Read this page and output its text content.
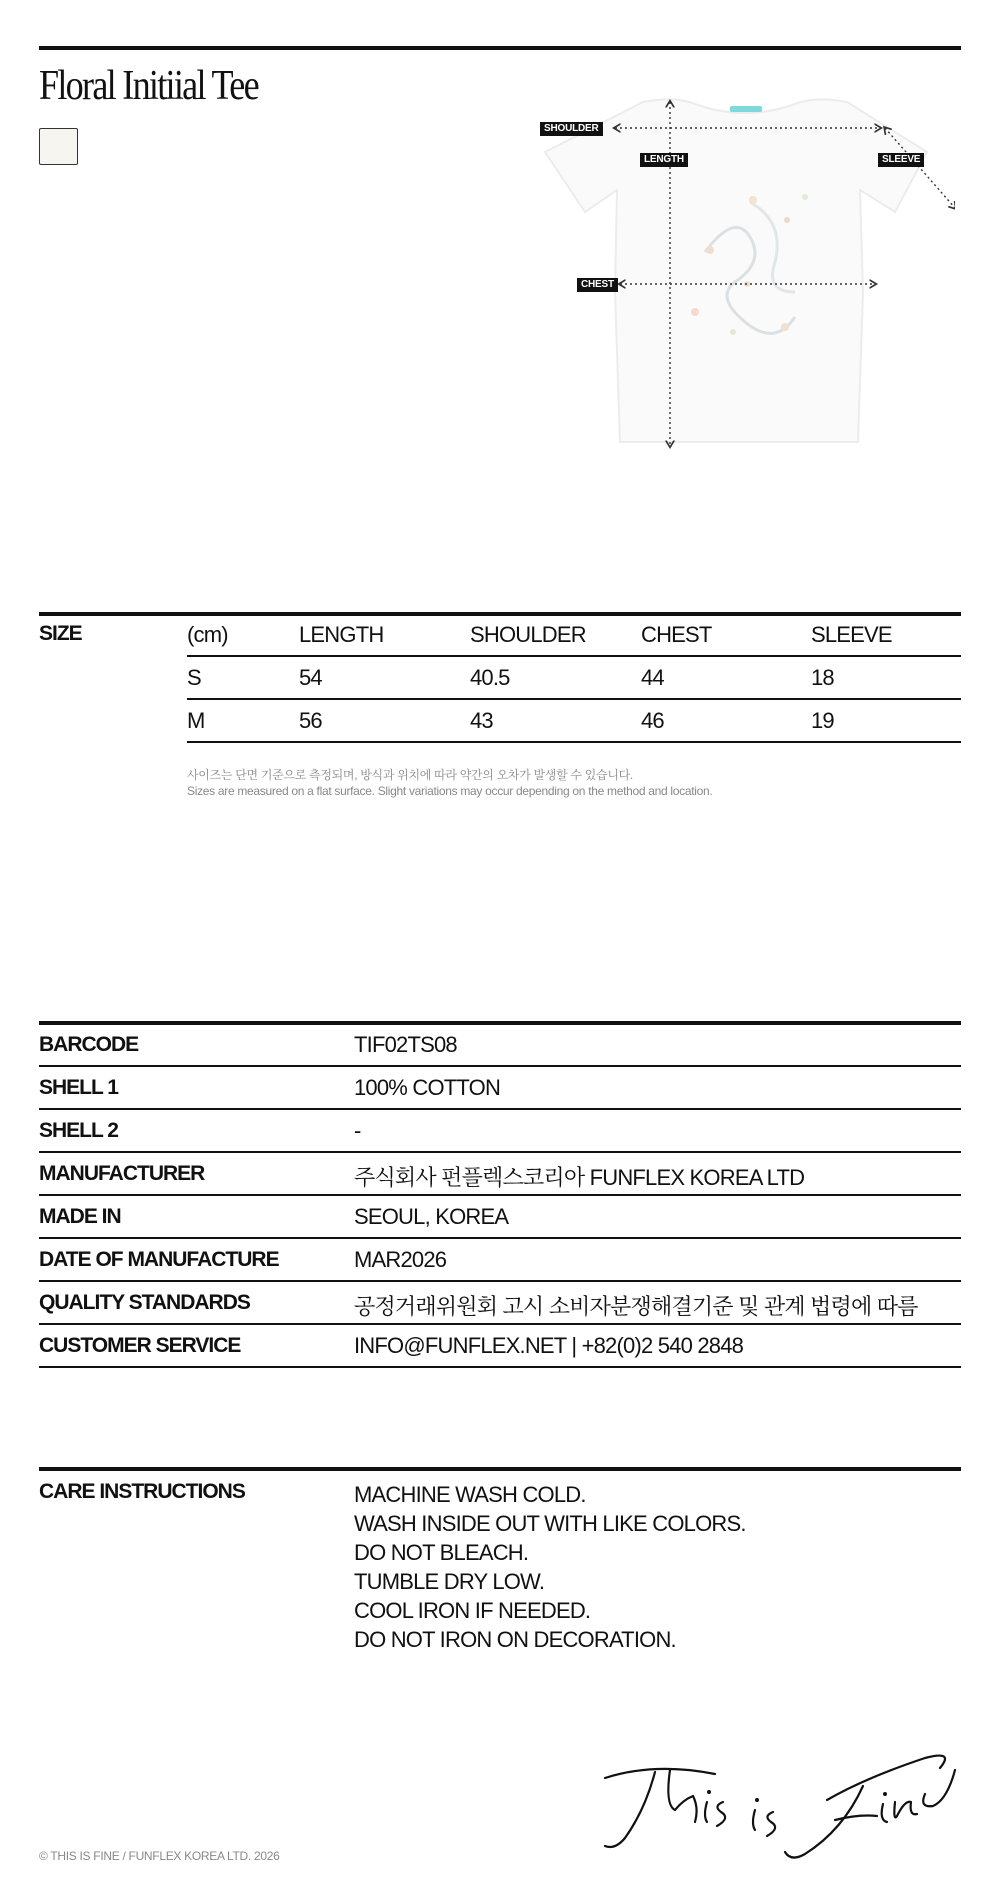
Floral Initiial Tee
SHOULDER
LENGTH	SLEEVE
CHEST
SIZE	(cm)	LENGTH	SHOULDER	CHEST	SLEEVE
S	54	40.5	44	18
M	56	43	46	19
사이즈는 단면 기준으로 측정되며, 방식과 위치에 따라 약간의 오차가 발생할 수 있습니다.
Sizes are measured on a flat surface. Slight variations may occur depending on the method and location.
BARCODE	TIF02TS08
SHELL 1	100% COTTON
SHELL 2	-
MANUFACTURER	주식회사 펀플렉스코리아 FUNFLEX KOREA LTD
MADE IN	SEOUL, KOREA
DATE OF MANUFACTURE	MAR2026
QUALITY STANDARDS	공정거래위원회 고시 소비자분쟁해결기준 및 관계 법령에 따름
CUSTOMER SERVICE	INFO@FUNFLEX.NET | +82(0)2 540 2848
CARE INSTRUCTIONS	MACHINE WASH COLD.
WASH INSIDE OUT WITH LIKE COLORS.
DO NOT BLEACH.
TUMBLE DRY LOW.
COOL IRON IF NEEDED.
DO NOT IRON ON DECORATION.
© THIS IS FINE / FUNFLEX KOREA LTD. 2026
